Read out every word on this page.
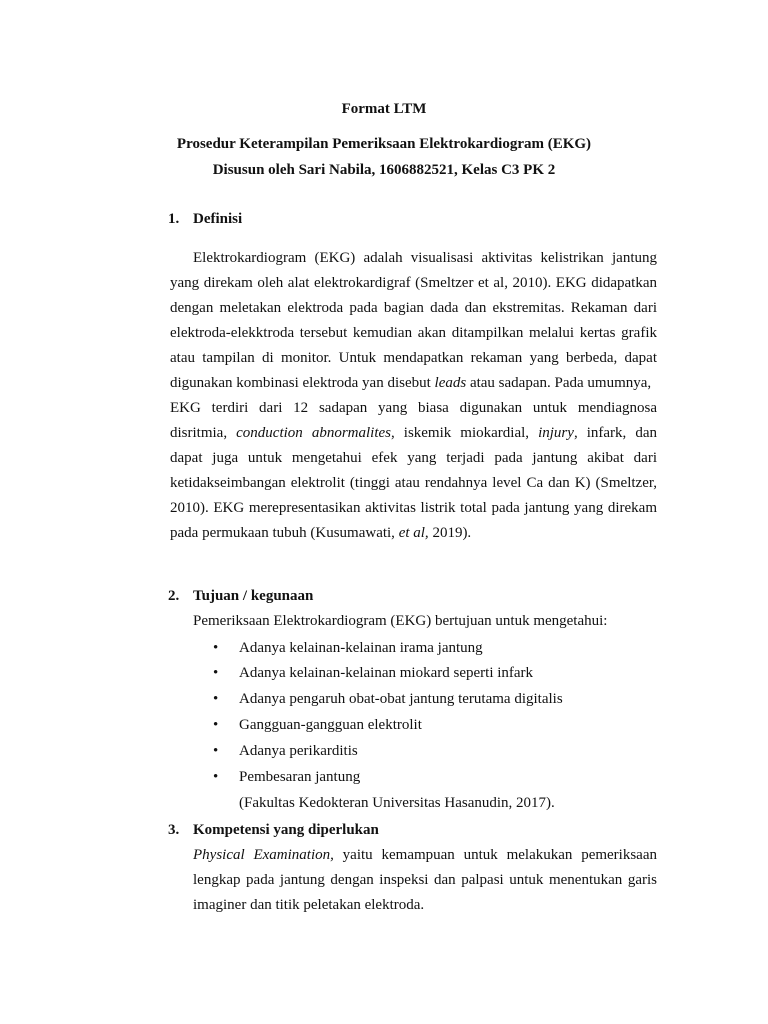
Format LTM
Prosedur Keterampilan Pemeriksaan Elektrokardiogram (EKG)
Disusun oleh Sari Nabila, 1606882521, Kelas C3 PK 2
1. Definisi
Elektrokardiogram (EKG) adalah visualisasi aktivitas kelistrikan jantung
yang direkam oleh alat elektrokardigraf (Smeltzer et al, 2010). EKG didapatkan
dengan meletakan elektroda pada bagian dada dan ekstremitas. Rekaman dari
elektroda-elekktroda tersebut kemudian akan ditampilkan melalui kertas grafik
atau tampilan di monitor. Untuk mendapatkan rekaman yang berbeda, dapat
digunakan kombinasi elektroda yan disebut leads atau sadapan. Pada umumnya,
EKG terdiri dari 12 sadapan yang biasa digunakan untuk mendiagnosa
disritmia, conduction abnormalites, iskemik miokardial, injury, infark, dan
dapat juga untuk mengetahui efek yang terjadi pada jantung akibat dari
ketidakseimbangan elektrolit (tinggi atau rendahnya level Ca dan K) (Smeltzer,
2010). EKG merepresentasikan aktivitas listrik total pada jantung yang direkam
pada permukaan tubuh (Kusumawati, et al, 2019).
2. Tujuan / kegunaan
Pemeriksaan Elektrokardiogram (EKG) bertujuan untuk mengetahui:
• Adanya kelainan-kelainan irama jantung
• Adanya kelainan-kelainan miokard seperti infark
• Adanya pengaruh obat-obat jantung terutama digitalis
• Gangguan-gangguan elektrolit
• Adanya perikarditis
• Pembesaran jantung
(Fakultas Kedokteran Universitas Hasanudin, 2017).
3. Kompetensi yang diperlukan
Physical Examination, yaitu kemampuan untuk melakukan pemeriksaan
lengkap pada jantung dengan inspeksi dan palpasi untuk menentukan garis
imaginer dan titik peletakan elektroda.
